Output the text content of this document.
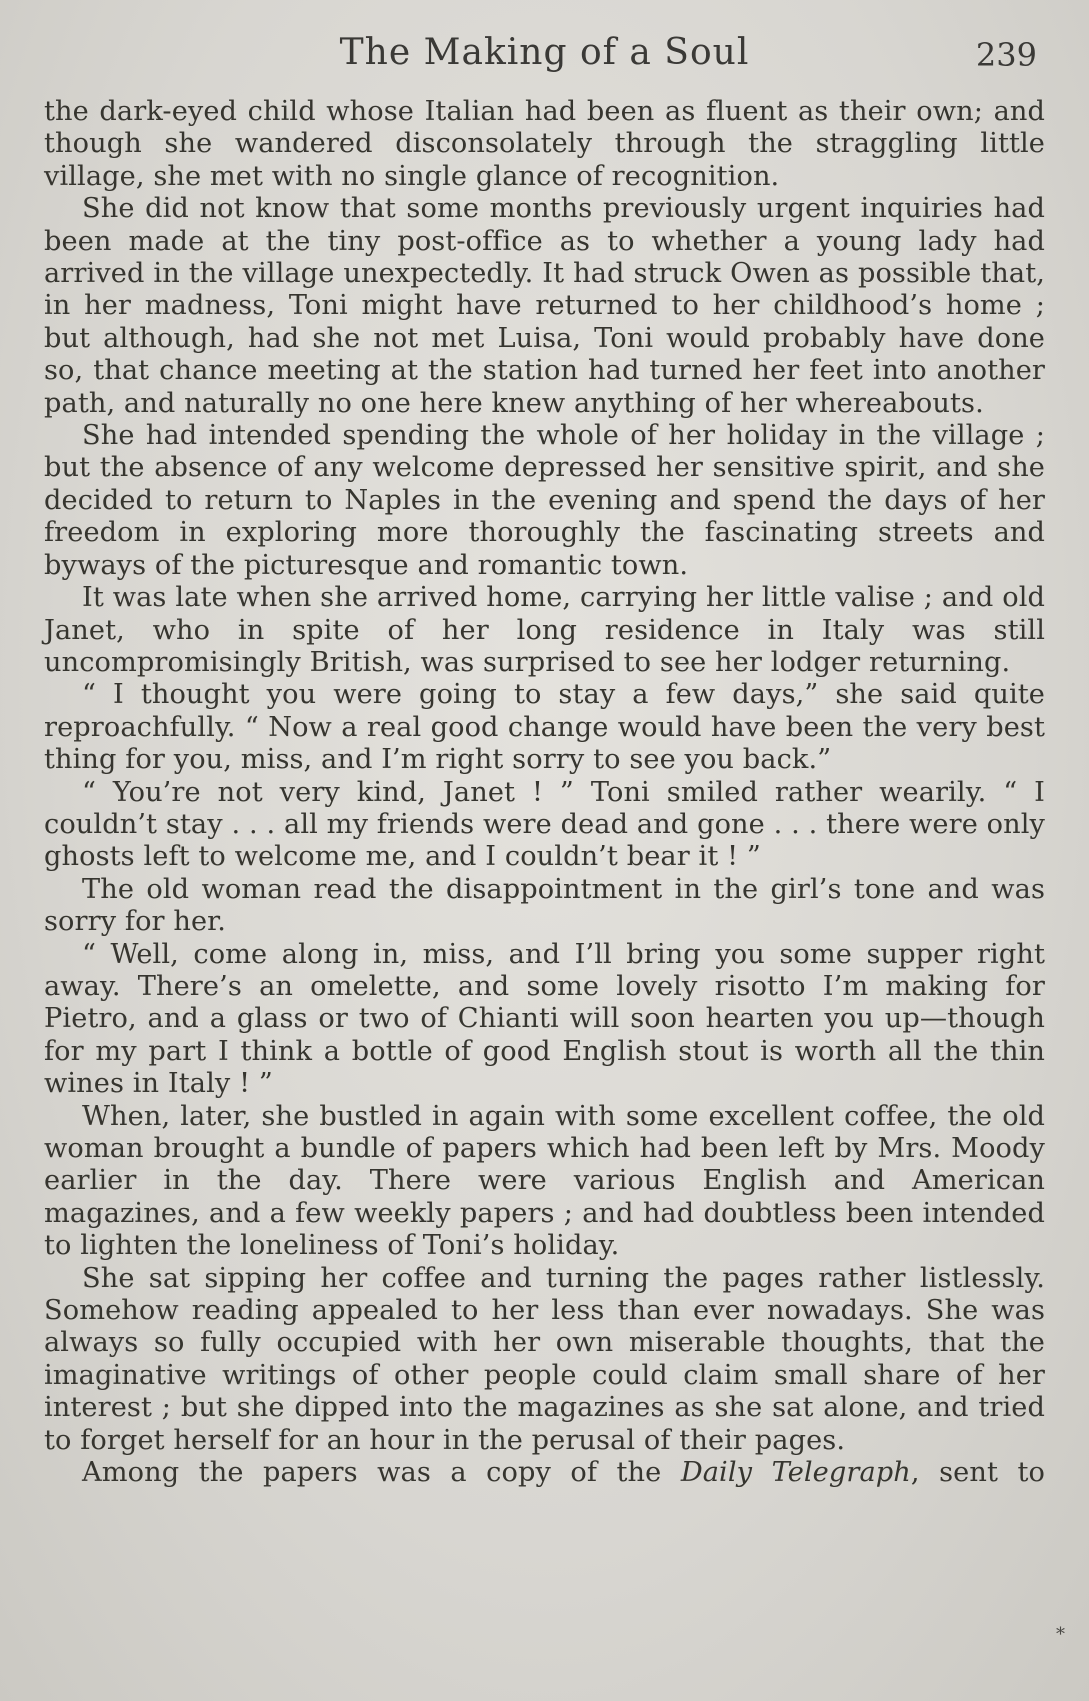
The Making of a Soul	239

the dark-eyed child whose Italian had been as fluent as their own; and though she wandered disconsolately through the straggling little village, she met with no single glance of recognition.

She did not know that some months previously urgent inquiries had been made at the tiny post-office as to whether a young lady had arrived in the village unexpectedly. It had struck Owen as possible that, in her madness, Toni might have returned to her childhood’s home ; but although, had she not met Luisa, Toni would probably have done so, that chance meeting at the station had turned her feet into another path, and naturally no one here knew anything of her whereabouts.

She had intended spending the whole of her holiday in the village ; but the absence of any welcome depressed her sensitive spirit, and she decided to return to Naples in the evening and spend the days of her freedom in exploring more thoroughly the fascinating streets and byways of the picturesque and romantic town.

It was late when she arrived home, carrying her little valise ; and old Janet, who in spite of her long residence in Italy was still uncompromisingly British, was surprised to see her lodger returning.

“ I thought you were going to stay a few days,” she said quite reproachfully. “ Now a real good change would have been the very best thing for you, miss, and I’m right sorry to see you back.”

“ You’re not very kind, Janet ! ” Toni smiled rather wearily. “ I couldn’t stay . . . all my friends were dead and gone . . . there were only ghosts left to welcome me, and I couldn’t bear it ! ”

The old woman read the disappointment in the girl’s tone and was sorry for her.

“ Well, come along in, miss, and I’ll bring you some supper right away. There’s an omelette, and some lovely risotto I’m making for Pietro, and a glass or two of Chianti will soon hearten you up—though for my part I think a bottle of good English stout is worth all the thin wines in Italy ! ”

When, later, she bustled in again with some excellent coffee, the old woman brought a bundle of papers which had been left by Mrs. Moody earlier in the day. There were various English and American magazines, and a few weekly papers ; and had doubtless been intended to lighten the loneliness of Toni’s holiday.

She sat sipping her coffee and turning the pages rather listlessly. Somehow reading appealed to her less than ever nowadays. She was always so fully occupied with her own miserable thoughts, that the imaginative writings of other people could claim small share of her interest ; but she dipped into the magazines as she sat alone, and tried to forget herself for an hour in the perusal of their pages.

Among the papers was a copy of the Daily Telegraph, sent to

*
